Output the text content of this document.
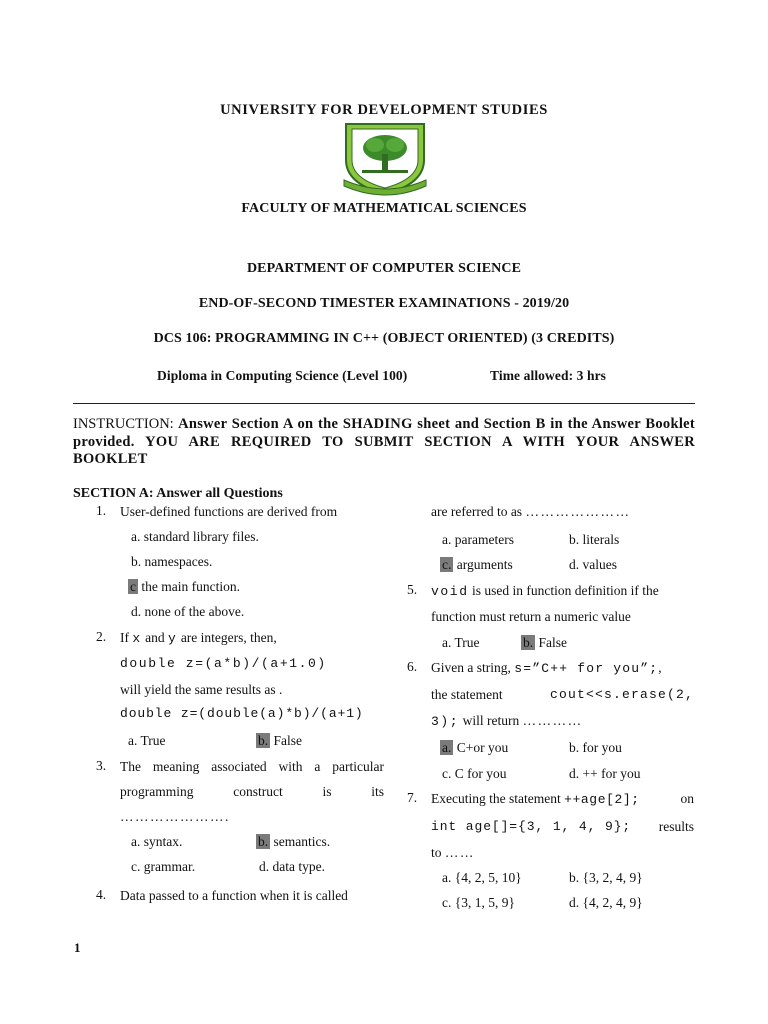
UNIVERSITY FOR DEVELOPMENT STUDIES
FACULTY OF MATHEMATICAL SCIENCES
DEPARTMENT OF COMPUTER SCIENCE
END-OF-SECOND TIMESTER EXAMINATIONS - 2019/20
DCS 106: PROGRAMMING IN C++ (OBJECT ORIENTED) (3 CREDITS)
Diploma in Computing Science (Level 100)	Time allowed: 3 hrs
INSTRUCTION: Answer Section A on the SHADING sheet and Section B in the Answer Booklet provided. YOU ARE REQUIRED TO SUBMIT SECTION A WITH YOUR ANSWER BOOKLET
SECTION A: Answer all Questions
1. User-defined functions are derived from
a. standard library files.
b. namespaces.
c the main function.
d. none of the above.
2. If x and y are integers, then,
double z=(a*b)/(a+1.0)
will yield the same results as .
double z=(double(a)*b)/(a+1)
a. True	b. False
3. The meaning associated with a particular
programming construct is its
………………….
a. syntax.	b. semantics.
c. grammar.	d. data type.
4. Data passed to a function when it is called
are referred to as …………………
a. parameters	b. literals
c. arguments	d. values
5. void is used in function definition if the
function must return a numeric value
a. True	b. False
6. Given a string, s=”C++ for you”;,
the statement	cout<<s.erase(2,
3); will return …………
a. C+or you	b. for you
c. C for you	d. ++ for you
7. Executing the statement ++age[2];	on
int age[]={3, 1, 4, 9}; results
to ……
a. {4, 2, 5, 10}	b. {3, 2, 4, 9}
c. {3, 1, 5, 9}	d. {4, 2, 4, 9}
1
